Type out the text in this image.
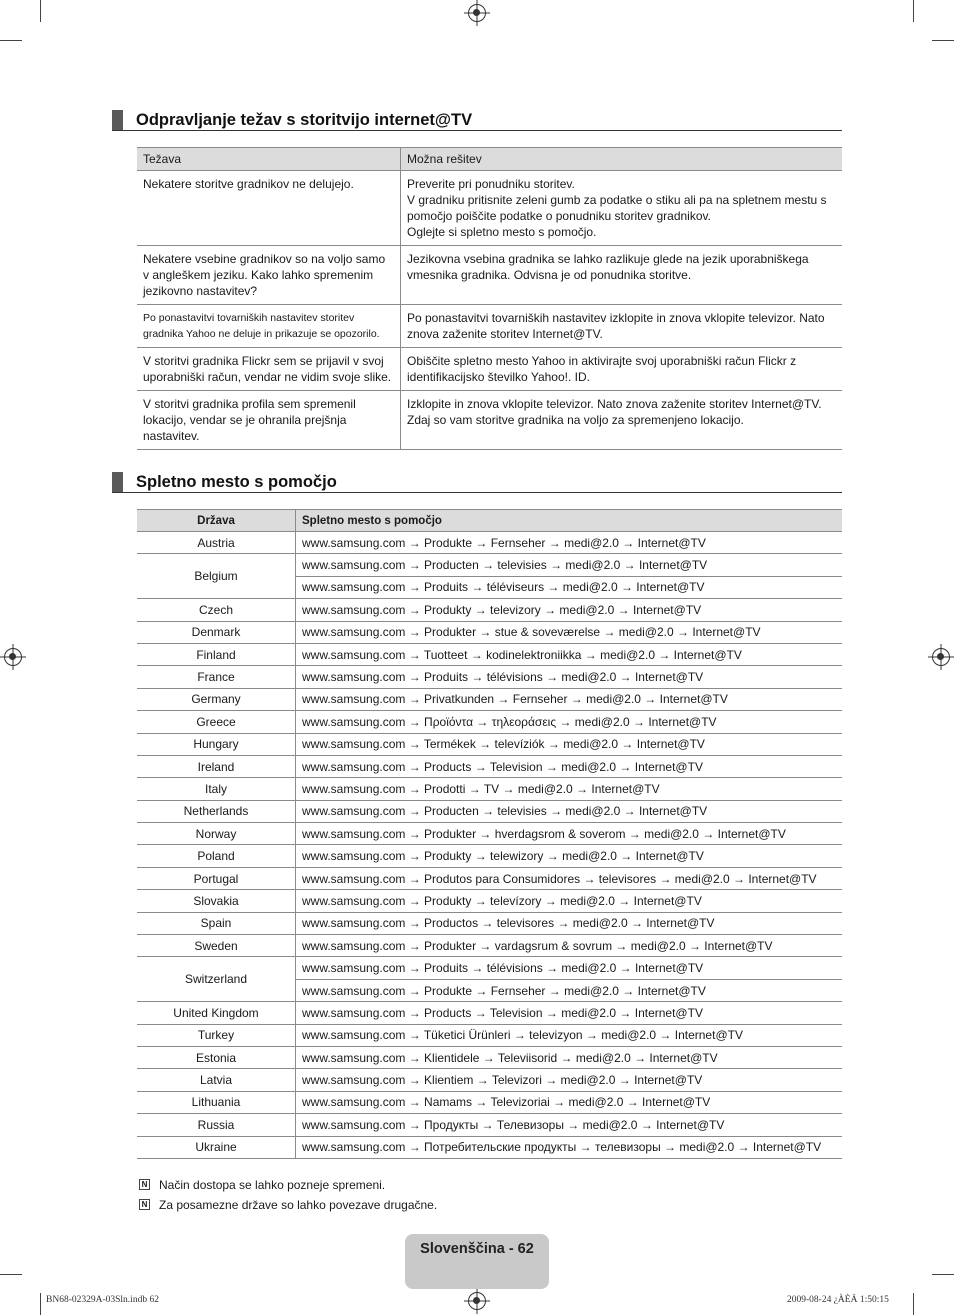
Odpravljanje težav s storitvijo internet@TV
Težava	Možna rešitev
Nekatere storitve gradnikov ne delujejo.	Preverite pri ponudniku storitev.
V gradniku pritisnite zeleni gumb za podatke o stiku ali pa na spletnem mestu s pomočjo poiščite podatke o ponudniku storitev gradnikov.
Oglejte si spletno mesto s pomočjo.
Nekatere vsebine gradnikov so na voljo samo v angleškem jeziku. Kako lahko spremenim jezikovno nastavitev?	Jezikovna vsebina gradnika se lahko razlikuje glede na jezik uporabniškega vmesnika gradnika. Odvisna je od ponudnika storitve.
Po ponastavitvi tovarniških nastavitev storitev gradnika Yahoo ne deluje in prikazuje se opozorilo.	Po ponastavitvi tovarniških nastavitev izklopite in znova vklopite televizor. Nato znova zaženite storitev Internet@TV.
V storitvi gradnika Flickr sem se prijavil v svoj uporabniški račun, vendar ne vidim svoje slike.	Obiščite spletno mesto Yahoo in aktivirajte svoj uporabniški račun Flickr z identifikacijsko številko Yahoo!. ID.
V storitvi gradnika profila sem spremenil lokacijo, vendar se je ohranila prejšnja nastavitev.	Izklopite in znova vklopite televizor. Nato znova zaženite storitev Internet@TV.
Zdaj so vam storitve gradnika na voljo za spremenjeno lokacijo.
Spletno mesto s pomočjo
Država	Spletno mesto s pomočjo
Austria	www.samsung.com → Produkte → Fernseher → medi@2.0 → Internet@TV
Belgium	www.samsung.com → Producten → televisies → medi@2.0 → Internet@TV
	www.samsung.com → Produits → téléviseurs → medi@2.0 → Internet@TV
Czech	www.samsung.com → Produkty → televizory → medi@2.0 → Internet@TV
Denmark	www.samsung.com → Produkter → stue & soveværelse → medi@2.0 → Internet@TV
Finland	www.samsung.com → Tuotteet → kodinelektroniikka → medi@2.0 → Internet@TV
France	www.samsung.com → Produits → télévisions → medi@2.0 → Internet@TV
Germany	www.samsung.com → Privatkunden → Fernseher → medi@2.0 → Internet@TV
Greece	www.samsung.com → Προϊόντα → τηλεοράσεις → medi@2.0 → Internet@TV
Hungary	www.samsung.com → Termékek → televíziók → medi@2.0 → Internet@TV
Ireland	www.samsung.com → Products → Television → medi@2.0 → Internet@TV
Italy	www.samsung.com → Prodotti → TV → medi@2.0 → Internet@TV
Netherlands	www.samsung.com → Producten → televisies → medi@2.0 → Internet@TV
Norway	www.samsung.com → Produkter → hverdagsrom & soverom → medi@2.0 → Internet@TV
Poland	www.samsung.com → Produkty → telewizory → medi@2.0 → Internet@TV
Portugal	www.samsung.com → Produtos para Consumidores → televisores → medi@2.0 → Internet@TV
Slovakia	www.samsung.com → Produkty → televízory → medi@2.0 → Internet@TV
Spain	www.samsung.com → Productos → televisores → medi@2.0 → Internet@TV
Sweden	www.samsung.com → Produkter → vardagsrum & sovrum → medi@2.0 → Internet@TV
Switzerland	www.samsung.com → Produits → télévisions → medi@2.0 → Internet@TV
	www.samsung.com → Produkte → Fernseher → medi@2.0 → Internet@TV
United Kingdom	www.samsung.com → Products → Television → medi@2.0 → Internet@TV
Turkey	www.samsung.com → Tüketici Ürünleri → televizyon → medi@2.0 → Internet@TV
Estonia	www.samsung.com → Klientidele → Televiisorid → medi@2.0 → Internet@TV
Latvia	www.samsung.com → Klientiem → Televizori → medi@2.0 → Internet@TV
Lithuania	www.samsung.com → Namams → Televizoriai → medi@2.0 → Internet@TV
Russia	www.samsung.com → Продукты → Телевизоры → medi@2.0 → Internet@TV
Ukraine	www.samsung.com → Потребительские продукты → телевизоры → medi@2.0 → Internet@TV
N Način dostopa se lahko pozneje spremeni.
N Za posamezne države so lahko povezave drugačne.
Slovenščina - 62
BN68-02329A-03Sln.indb 62	2009-08-24 ¿ÀÈÄ 1:50:15
